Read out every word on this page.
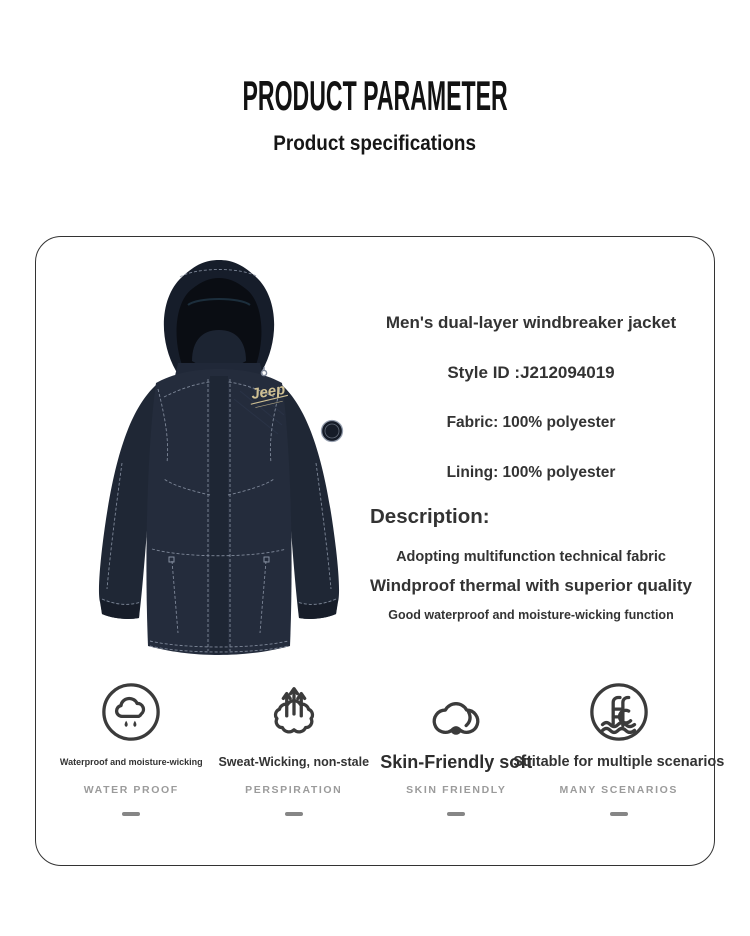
PRODUCT PARAMETER
Product specifications
Jeep
Men's dual-layer windbreaker jacket
Style ID :J212094019
Fabric: 100% polyester
Lining: 100% polyester
Description:
Adopting multifunction technical fabric
Windproof thermal with superior quality
Good waterproof and moisture-wicking function
Waterproof and moisture-wicking
WATER PROOF
Sweat-Wicking, non-stale
PERSPIRATION
Skin-Friendly soft
SKIN FRIENDLY
Suitable for multiple scenarios
MANY SCENARIOS
